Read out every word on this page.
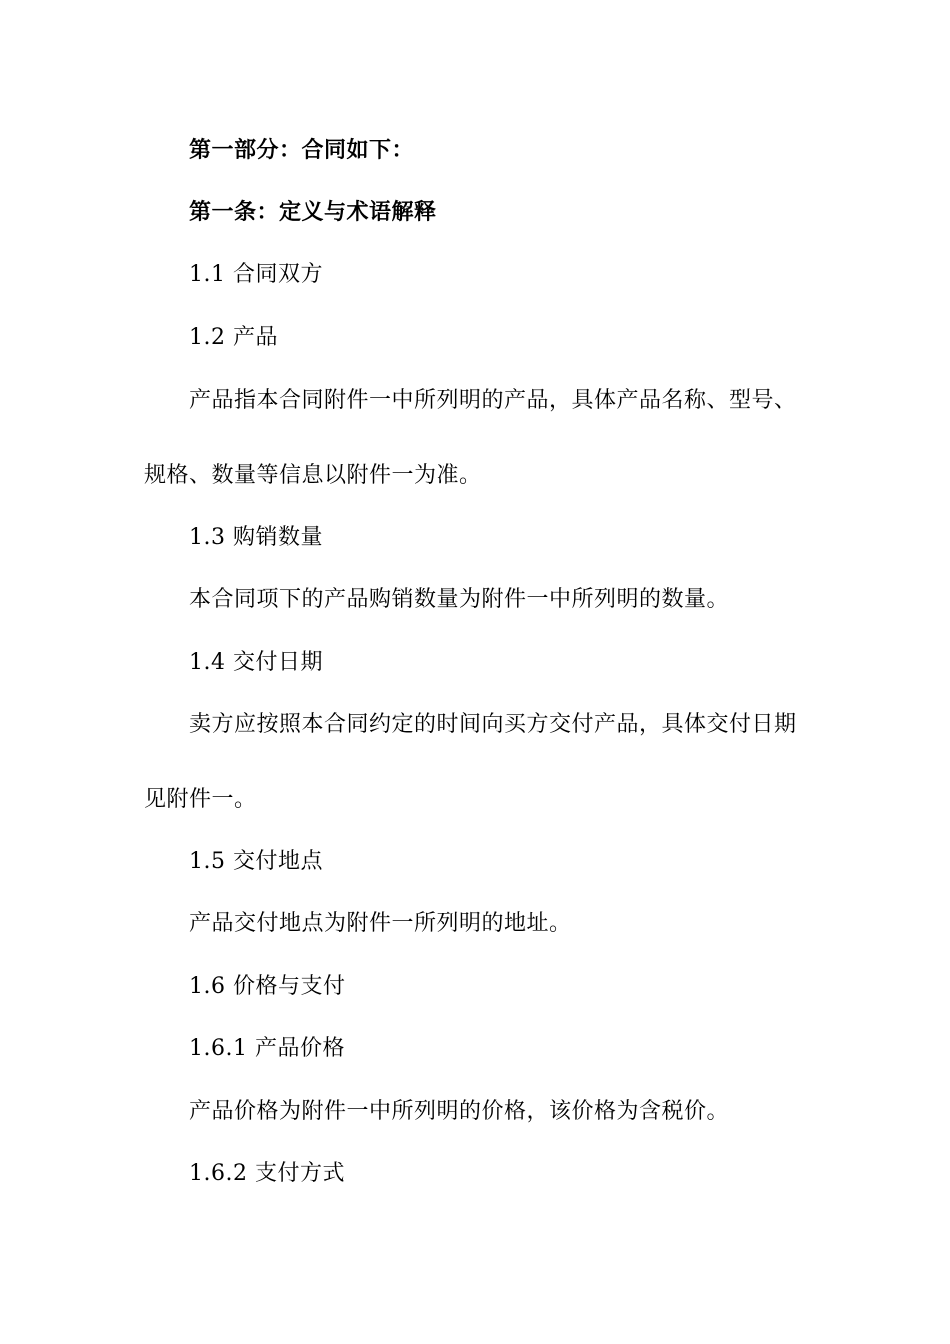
第一部分：合同如下：

第一条：定义与术语解释

1.1 合同双方

1.2 产品

产品指本合同附件一中所列明的产品，具体产品名称、型号、

规格、数量等信息以附件一为准。

1.3 购销数量

本合同项下的产品购销数量为附件一中所列明的数量。

1.4 交付日期

卖方应按照本合同约定的时间向买方交付产品，具体交付日期

见附件一。

1.5 交付地点

产品交付地点为附件一所列明的地址。

1.6 价格与支付

1.6.1 产品价格

产品价格为附件一中所列明的价格，该价格为含税价。

1.6.2 支付方式
